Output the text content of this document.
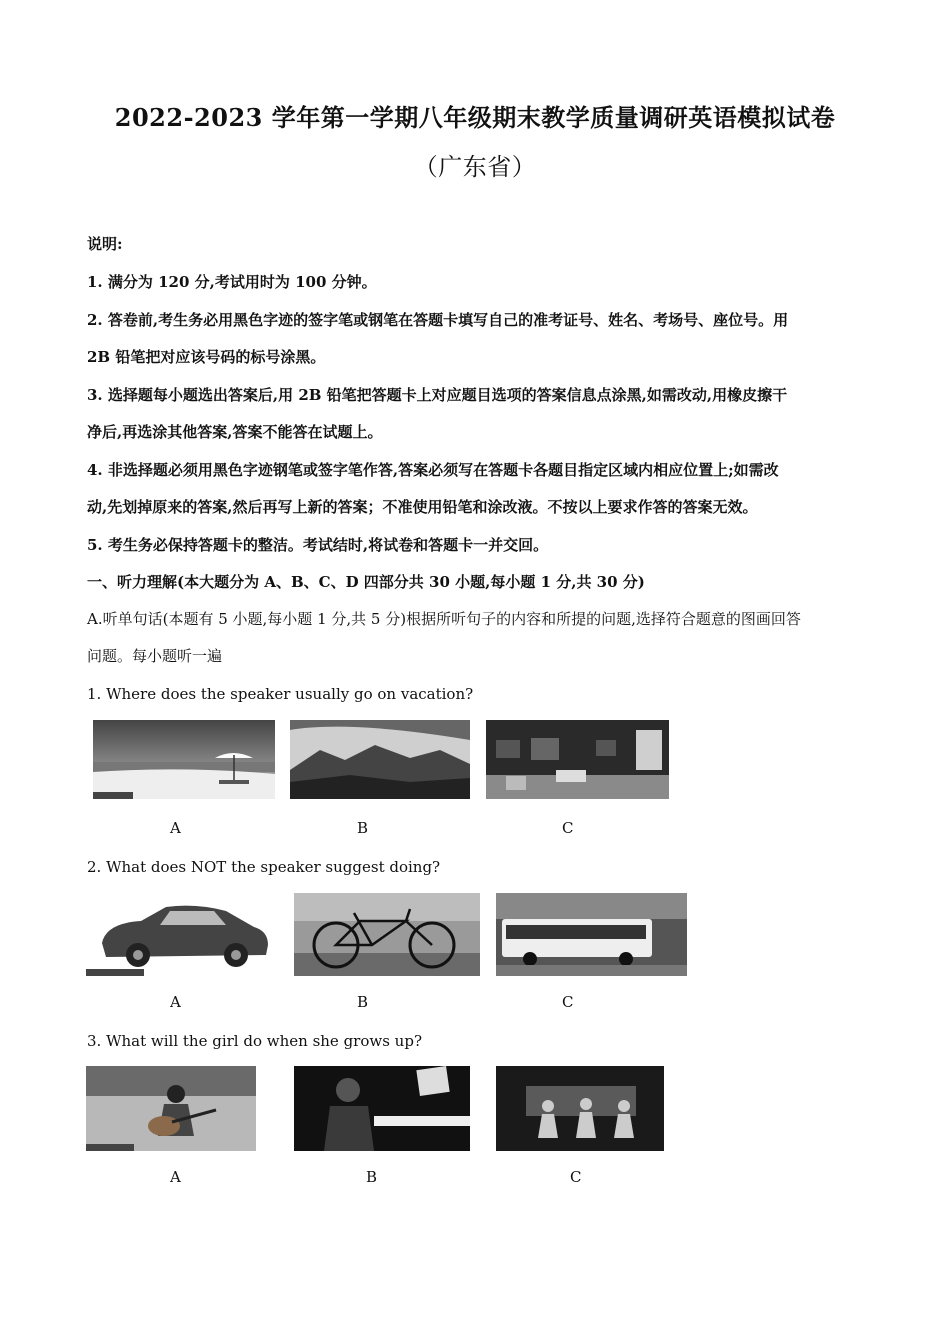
2022-2023 学年第一学期八年级期末教学质量调研英语模拟试卷
（广东省）
说明:
1. 满分为 120 分,考试用时为 100 分钟。
2. 答卷前,考生务必用黑色字迹的签字笔或钢笔在答题卡填写自己的准考证号、姓名、考场号、座位号。用
2B 铅笔把对应该号码的标号涂黑。
3. 选择题每小题选出答案后,用 2B 铅笔把答题卡上对应题目选项的答案信息点涂黑,如需改动,用橡皮擦干
净后,再选涂其他答案,答案不能答在试题上。
4. 非选择题必须用黑色字迹钢笔或签字笔作答,答案必须写在答题卡各题目指定区域内相应位置上;如需改
动,先划掉原来的答案,然后再写上新的答案；不准使用铅笔和涂改液。不按以上要求作答的答案无效。
5. 考生务必保持答题卡的整洁。考试结时,将试卷和答题卡一并交回。
一、听力理解(本大题分为 A、B、C、D 四部分共 30 小题,每小题 1 分,共 30 分)
A.听单句话(本题有 5 小题,每小题 1 分,共 5 分)根据所听句子的内容和所提的问题,选择符合题意的图画回答
问题。每小题听一遍
1. Where does the speaker usually go on vacation?
A	B	C
2. What does NOT the speaker suggest doing?
A	B	C
3. What will the girl do when she grows up?
A	B	C
